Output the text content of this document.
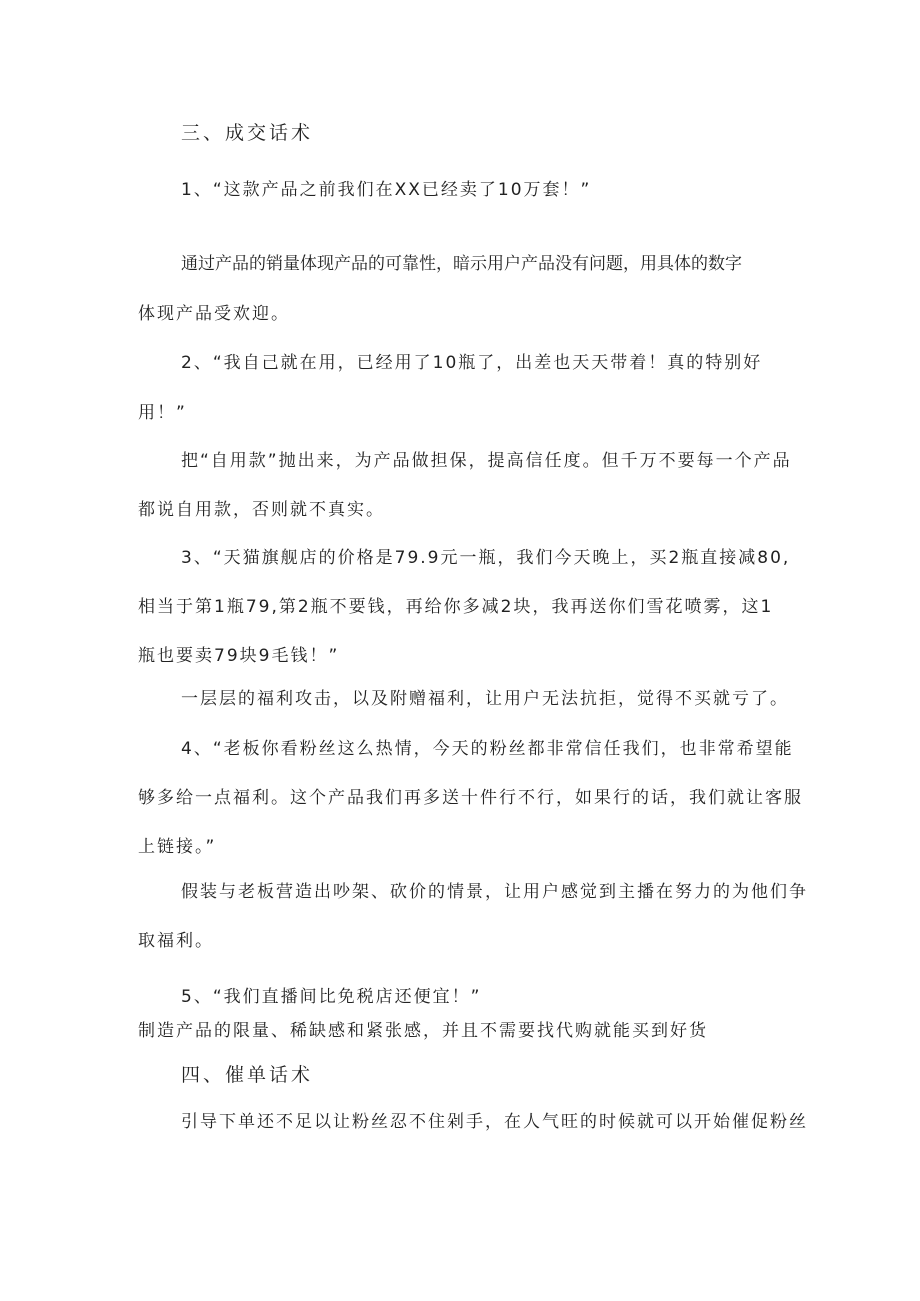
三、成交话术
1、“这款产品之前我们在XX已经卖了10万套！”
通过产品的销量体现产品的可靠性，暗示用户产品没有问题，用具体的数字
体现产品受欢迎。
2、“我自己就在用，已经用了10瓶了，出差也天天带着！真的特别好
用！”
把“自用款”抛出来，为产品做担保，提高信任度。但千万不要每一个产品
都说自用款，否则就不真实。
3、“天猫旗舰店的价格是79.9元一瓶，我们今天晚上，买2瓶直接减80,
相当于第1瓶79,第2瓶不要钱，再给你多减2块，我再送你们雪花喷雾，这1
瓶也要卖79块9毛钱！”
一层层的福利攻击，以及附赠福利，让用户无法抗拒，觉得不买就亏了。
4、“老板你看粉丝这么热情，今天的粉丝都非常信任我们，也非常希望能
够多给一点福利。这个产品我们再多送十件行不行，如果行的话，我们就让客服
上链接。”
假装与老板营造出吵架、砍价的情景，让用户感觉到主播在努力的为他们争
取福利。
5、“我们直播间比免税店还便宜！”
制造产品的限量、稀缺感和紧张感，并且不需要找代购就能买到好货
四、催单话术
引导下单还不足以让粉丝忍不住剁手，在人气旺的时候就可以开始催促粉丝
